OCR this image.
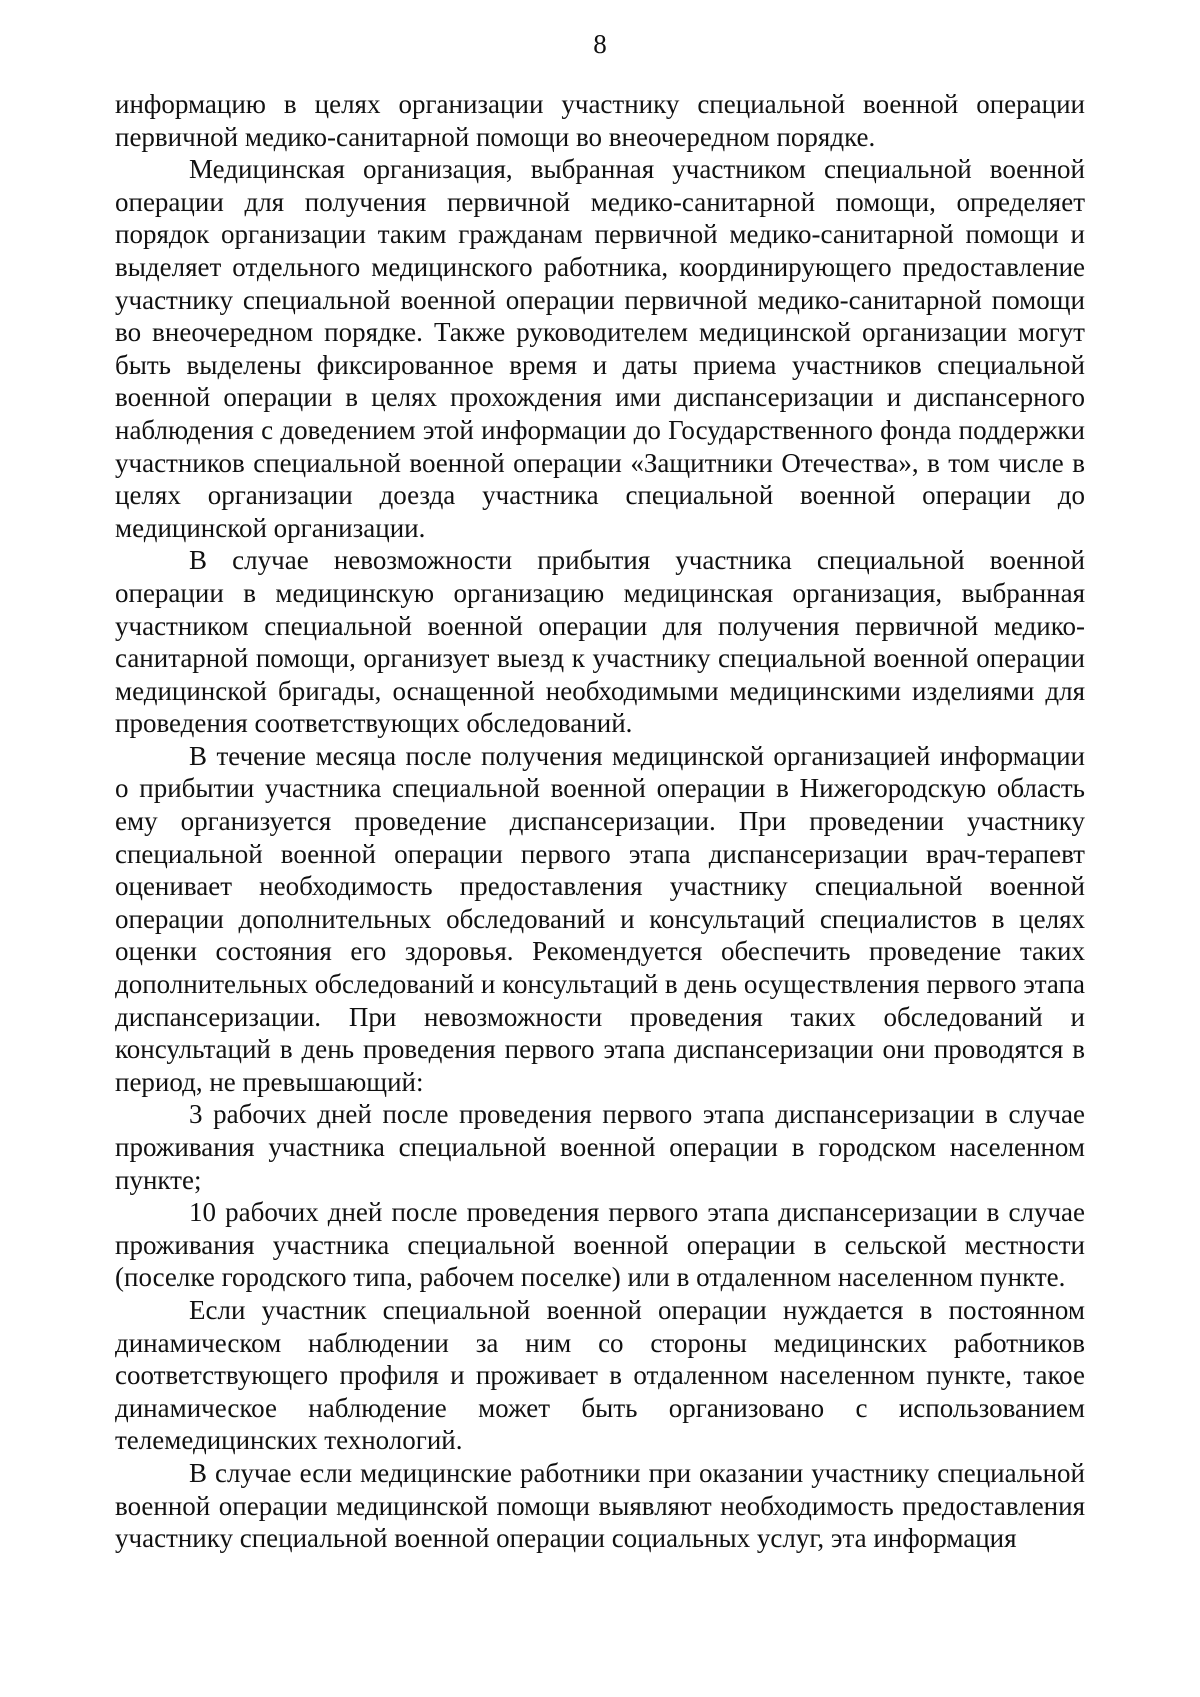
8

информацию в целях организации участнику специальной военной операции первичной медико-санитарной помощи во внеочередном порядке.

Медицинская организация, выбранная участником специальной военной операции для получения первичной медико-санитарной помощи, определяет порядок организации таким гражданам первичной медико-санитарной помощи и выделяет отдельного медицинского работника, координирующего предоставление участнику специальной военной операции первичной медико-санитарной помощи во внеочередном порядке. Также руководителем медицинской организации могут быть выделены фиксированное время и даты приема участников специальной военной операции в целях прохождения ими диспансеризации и диспансерного наблюдения с доведением этой информации до Государственного фонда поддержки участников специальной военной операции «Защитники Отечества», в том числе в целях организации доезда участника специальной военной операции до медицинской организации.

В случае невозможности прибытия участника специальной военной операции в медицинскую организацию медицинская организация, выбранная участником специальной военной операции для получения первичной медико-санитарной помощи, организует выезд к участнику специальной военной операции медицинской бригады, оснащенной необходимыми медицинскими изделиями для проведения соответствующих обследований.

В течение месяца после получения медицинской организацией информации о прибытии участника специальной военной операции в Нижегородскую область ему организуется проведение диспансеризации. При проведении участнику специальной военной операции первого этапа диспансеризации врач-терапевт оценивает необходимость предоставления участнику специальной военной операции дополнительных обследований и консультаций специалистов в целях оценки состояния его здоровья. Рекомендуется обеспечить проведение таких дополнительных обследований и консультаций в день осуществления первого этапа диспансеризации. При невозможности проведения таких обследований и консультаций в день проведения первого этапа диспансеризации они проводятся в период, не превышающий:

3 рабочих дней после проведения первого этапа диспансеризации в случае проживания участника специальной военной операции в городском населенном пункте;

10 рабочих дней после проведения первого этапа диспансеризации в случае проживания участника специальной военной операции в сельской местности (поселке городского типа, рабочем поселке) или в отдаленном населенном пункте.

Если участник специальной военной операции нуждается в постоянном динамическом наблюдении за ним со стороны медицинских работников соответствующего профиля и проживает в отдаленном населенном пункте, такое динамическое наблюдение может быть организовано с использованием телемедицинских технологий.

В случае если медицинские работники при оказании участнику специальной военной операции медицинской помощи выявляют необходимость предоставления участнику специальной военной операции социальных услуг, эта информация
